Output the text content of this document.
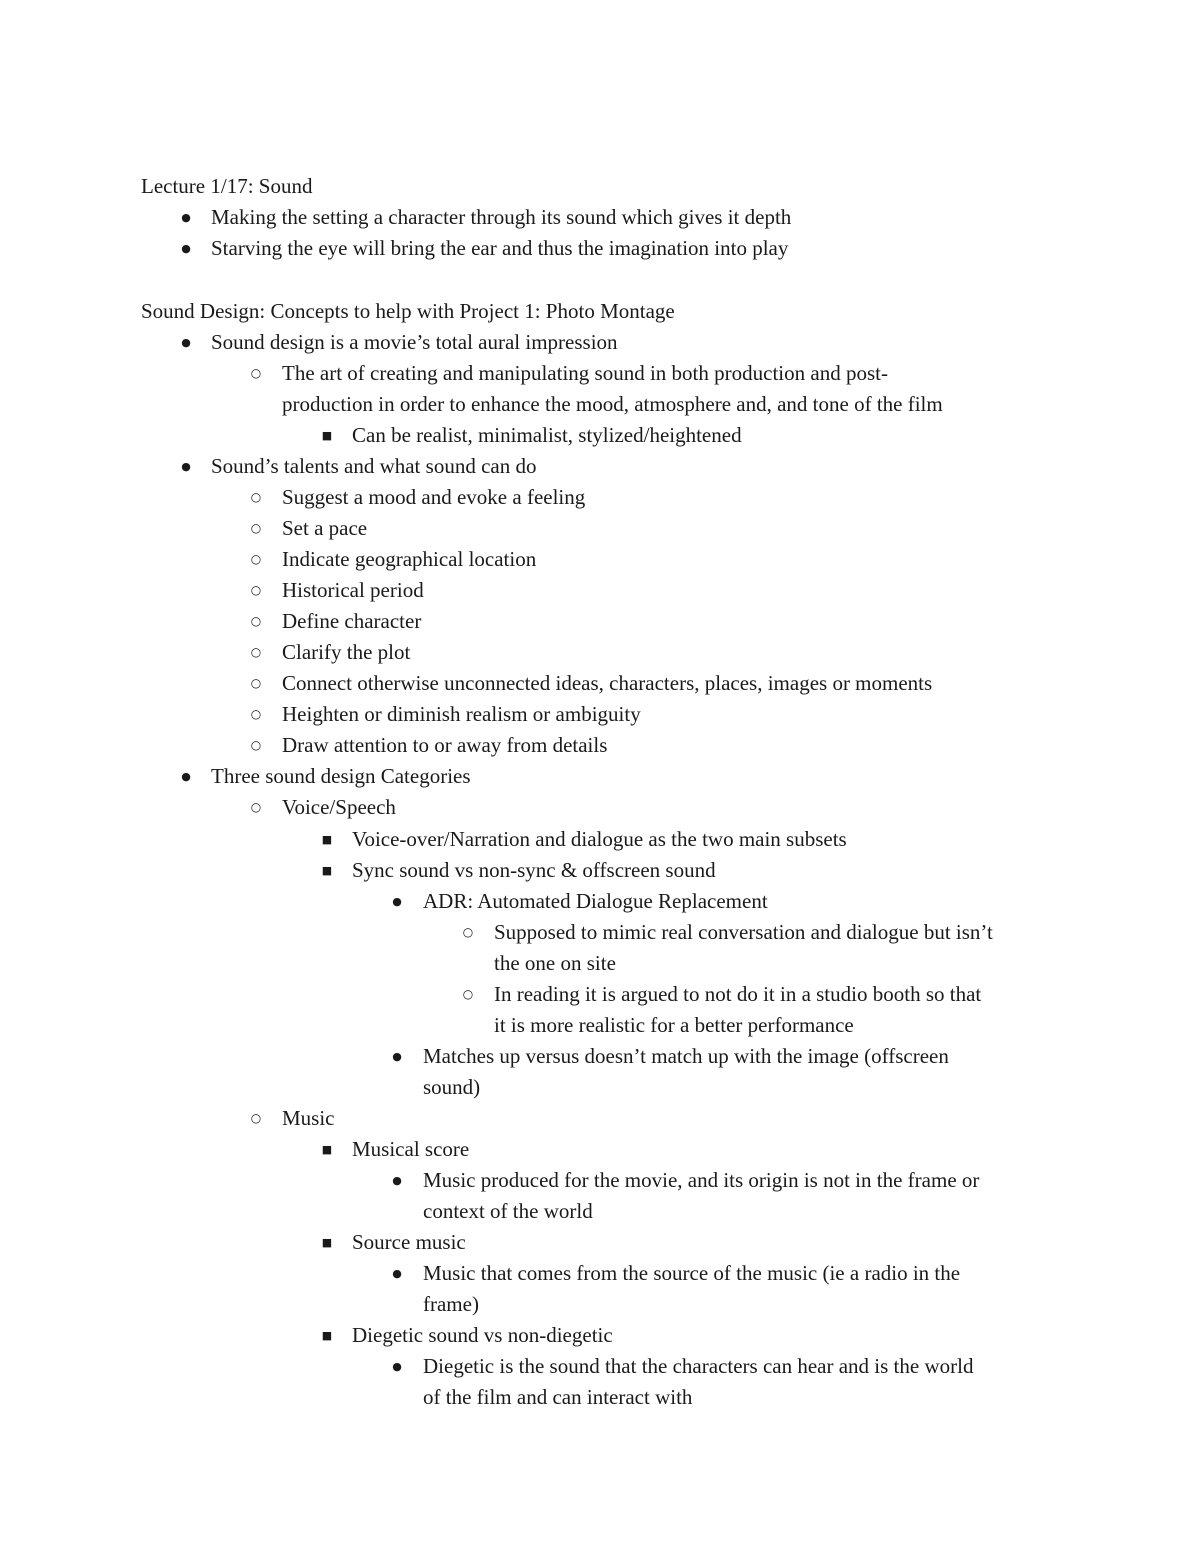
Lecture 1/17: Sound
● Making the setting a character through its sound which gives it depth
● Starving the eye will bring the ear and thus the imagination into play
Sound Design: Concepts to help with Project 1: Photo Montage
● Sound design is a movie’s total aural impression
○ The art of creating and manipulating sound in both production and post-
production in order to enhance the mood, atmosphere and, and tone of the film
■ Can be realist, minimalist, stylized/heightened
● Sound’s talents and what sound can do
○ Suggest a mood and evoke a feeling
○ Set a pace
○ Indicate geographical location
○ Historical period
○ Define character
○ Clarify the plot
○ Connect otherwise unconnected ideas, characters, places, images or moments
○ Heighten or diminish realism or ambiguity
○ Draw attention to or away from details
● Three sound design Categories
○ Voice/Speech
■ Voice-over/Narration and dialogue as the two main subsets
■ Sync sound vs non-sync & offscreen sound
● ADR: Automated Dialogue Replacement
○ Supposed to mimic real conversation and dialogue but isn’t
the one on site
○ In reading it is argued to not do it in a studio booth so that
it is more realistic for a better performance
● Matches up versus doesn’t match up with the image (offscreen
sound)
○ Music
■ Musical score
● Music produced for the movie, and its origin is not in the frame or
context of the world
■ Source music
● Music that comes from the source of the music (ie a radio in the
frame)
■ Diegetic sound vs non-diegetic
● Diegetic is the sound that the characters can hear and is the world
of the film and can interact with
